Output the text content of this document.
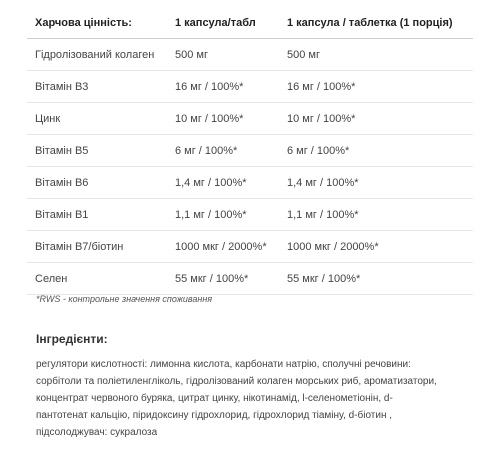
Харчова цінність:	1 капсула/табл	1 капсула / таблетка (1 порція)
Гідролізований колаген	500 мг	500 мг
Вітамін B3	16 мг / 100%*	16 мг / 100%*
Цинк	10 мг / 100%*	10 мг / 100%*
Вітамін B5	6 мг / 100%*	6 мг / 100%*
Вітамін B6	1,4 мг / 100%*	1,4 мг / 100%*
Вітамін B1	1,1 мг / 100%*	1,1 мг / 100%*
Вітамін B7/біотин	1000 мкг / 2000%*	1000 мкг / 2000%*
Селен	55 мкг / 100%*	55 мкг / 100%*
*RWS - контрольне значення споживання
Інгредієнти:
регулятори кислотності: лимонна кислота, карбонати натрію, сполучні речовини:
сорбітоли та поліетиленгліколь, гідролізований колаген морських риб, ароматизатори,
концентрат червоного буряка, цитрат цинку, нікотинамід, l-селенометіонін, d-
пантотенат кальцію, піридоксину гідрохлорид, гідрохлорид тіаміну, d-біотин ,
підсолоджувач: сукралоза
